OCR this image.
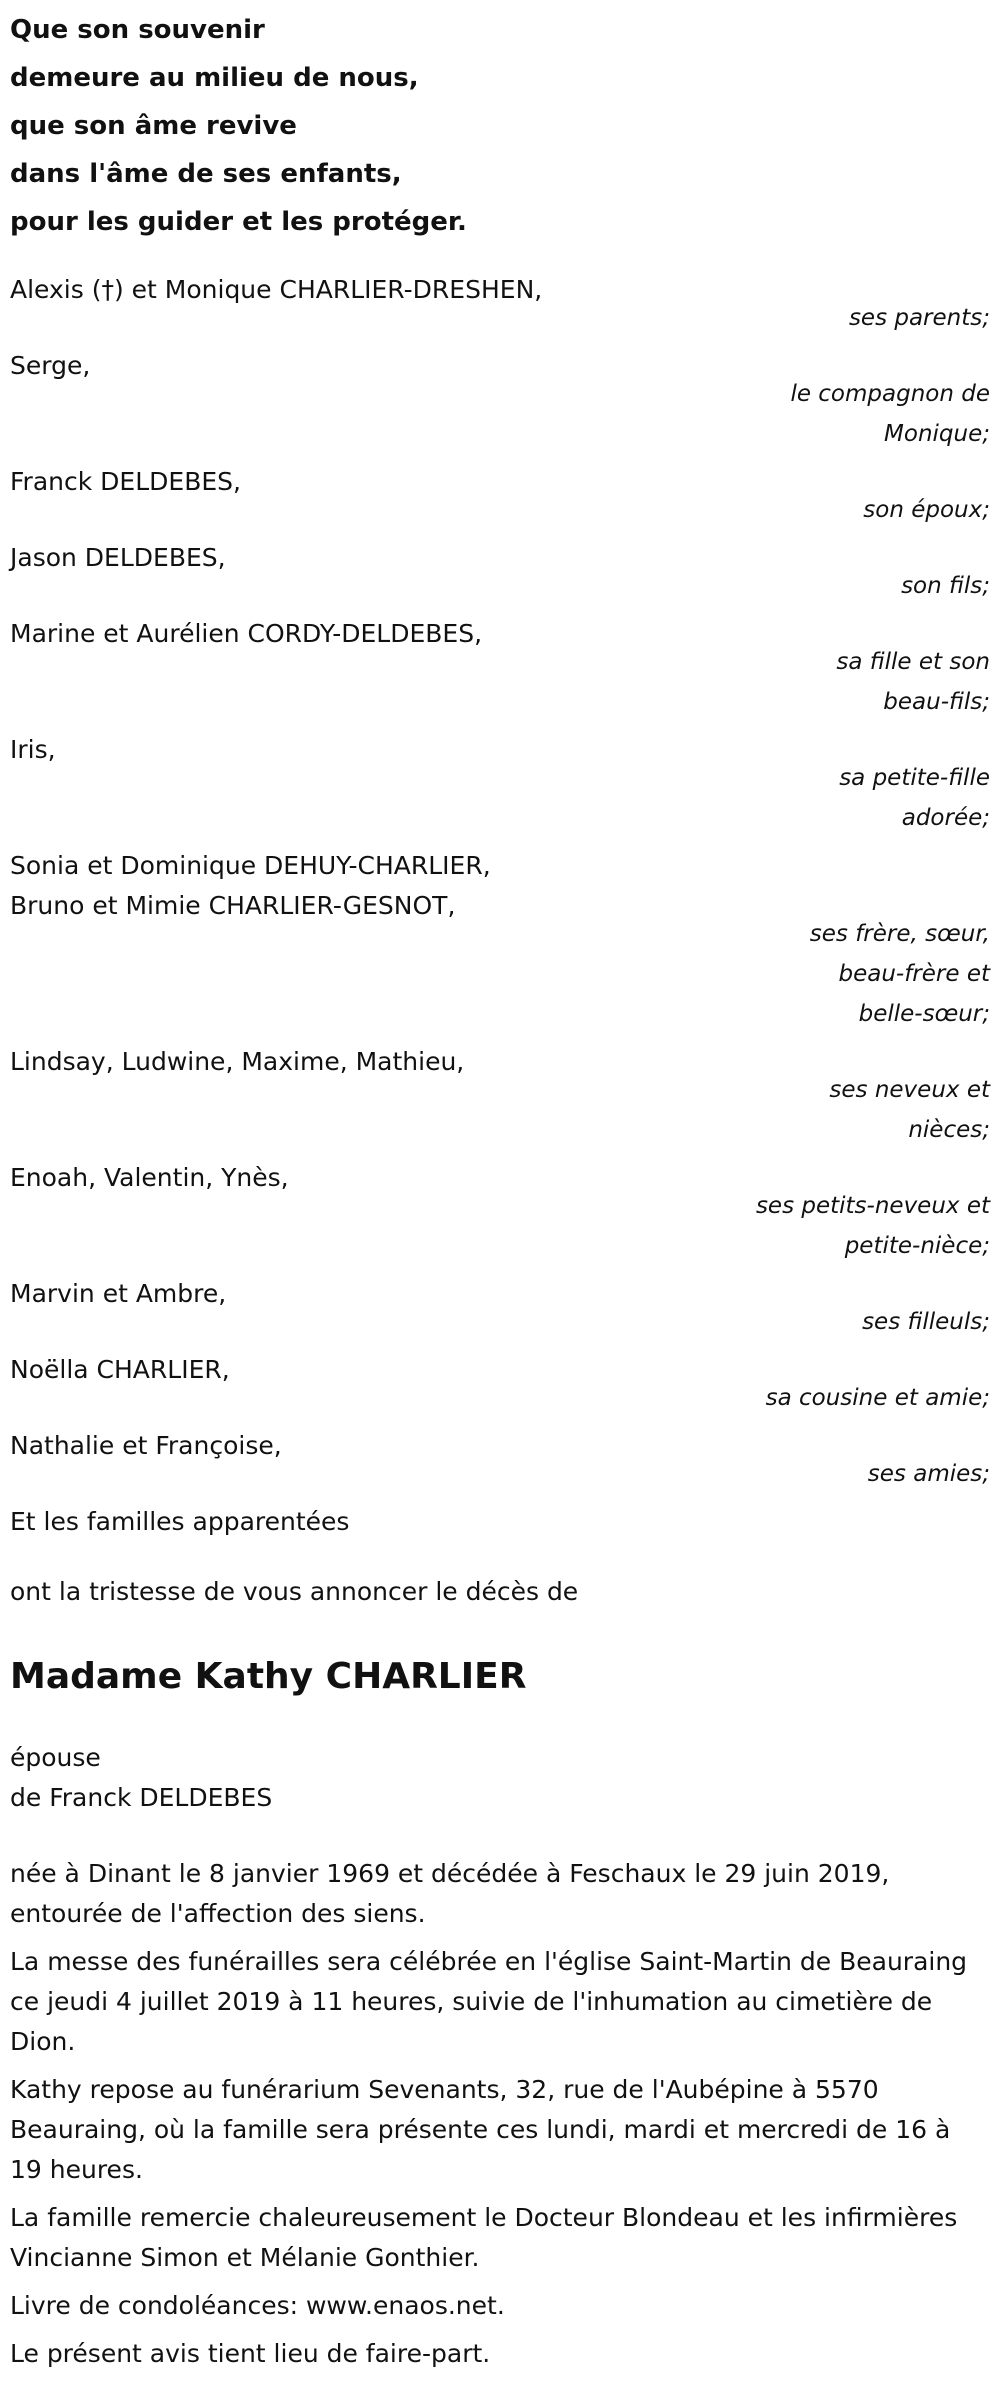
Que son souvenir
demeure au milieu de nous,
que son âme revive
dans l'âme de ses enfants,
pour les guider et les protéger.
Alexis (†) et Monique CHARLIER-DRESHEN,
ses parents;
Serge,
le compagnon de
Monique;
Franck DELDEBES,
son époux;
Jason DELDEBES,
son fils;
Marine et Aurélien CORDY-DELDEBES,
sa fille et son
beau-fils;
Iris,
sa petite-fille
adorée;
Sonia et Dominique DEHUY-CHARLIER,
Bruno et Mimie CHARLIER-GESNOT,
ses frère, sœur,
beau-frère et
belle-sœur;
Lindsay, Ludwine, Maxime, Mathieu,
ses neveux et
nièces;
Enoah, Valentin, Ynès,
ses petits-neveux et
petite-nièce;
Marvin et Ambre,
ses filleuls;
Noëlla CHARLIER,
sa cousine et amie;
Nathalie et Françoise,
ses amies;
Et les familles apparentées
ont la tristesse de vous annoncer le décès de
Madame Kathy CHARLIER
épouse
de Franck DELDEBES
née à Dinant le 8 janvier 1969 et décédée à Feschaux le 29 juin 2019, entourée de l'affection des siens.
La messe des funérailles sera célébrée en l'église Saint-Martin de Beauraing ce jeudi 4 juillet 2019 à 11 heures, suivie de l'inhumation au cimetière de Dion.
Kathy repose au funérarium Sevenants, 32, rue de l'Aubépine à 5570 Beauraing, où la famille sera présente ces lundi, mardi et mercredi de 16 à 19 heures.
La famille remercie chaleureusement le Docteur Blondeau et les infirmières Vincianne Simon et Mélanie Gonthier.
Livre de condoléances: www.enaos.net.
Le présent avis tient lieu de faire-part.
